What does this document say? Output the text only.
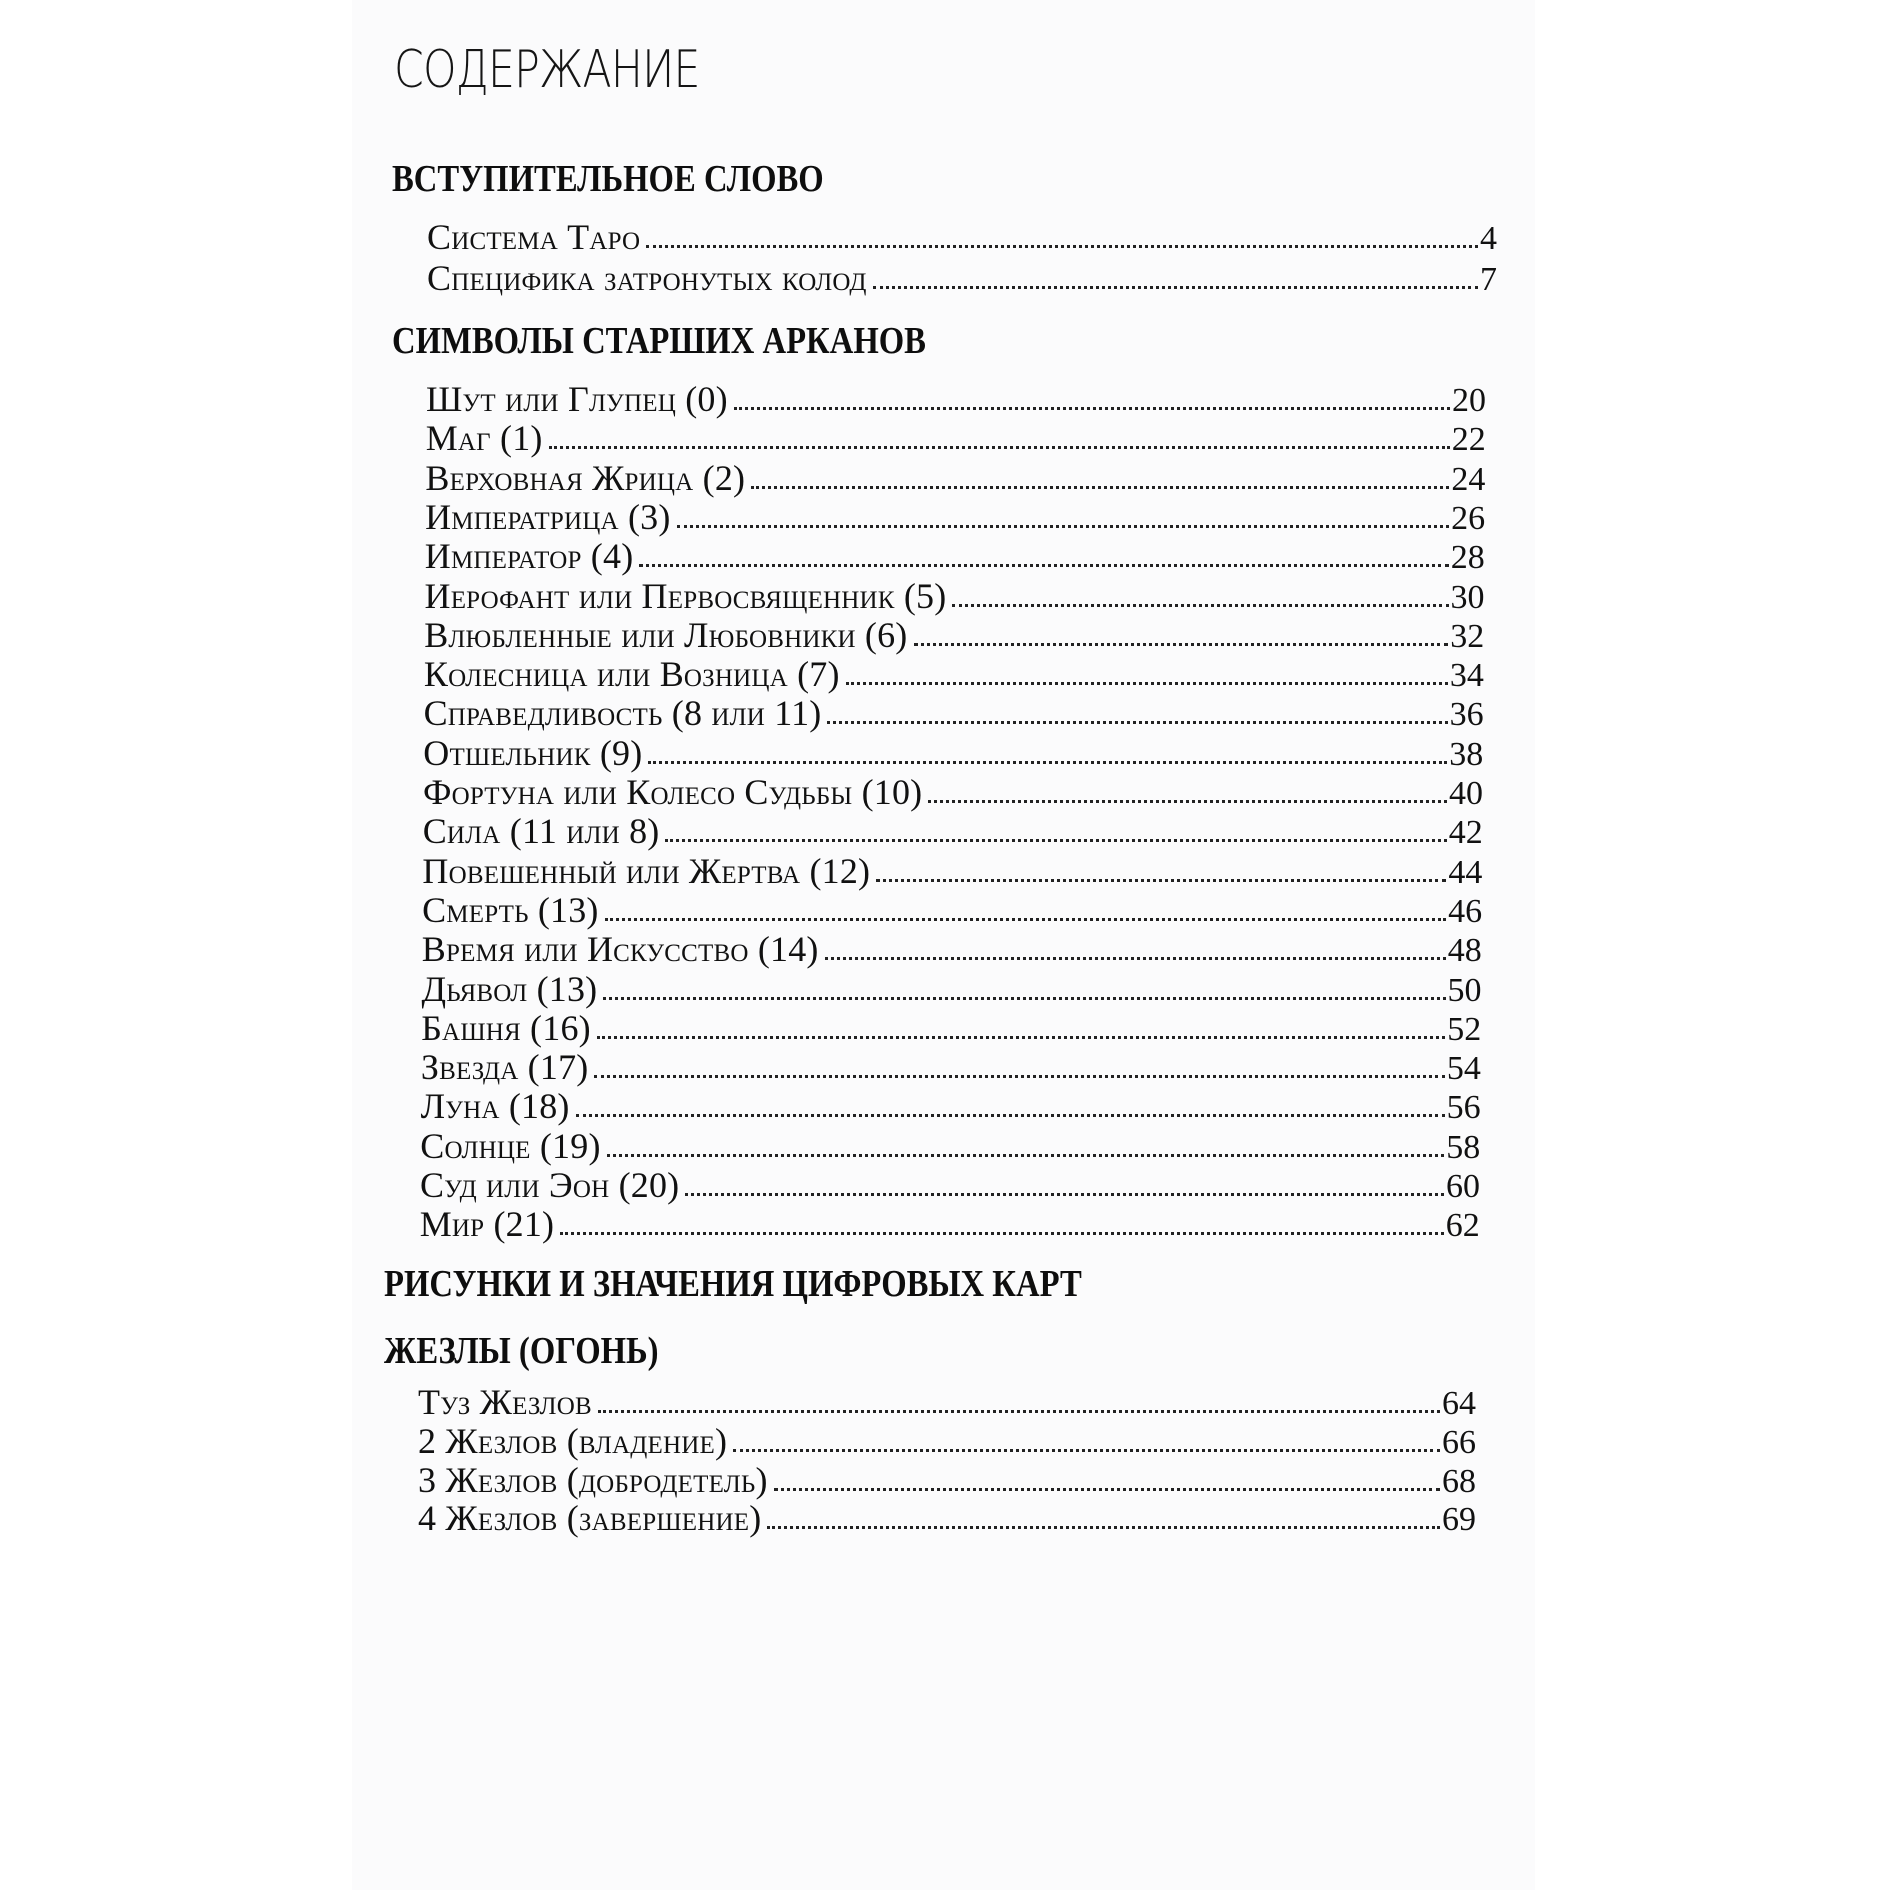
СОДЕРЖАНИЕ
ВСТУПИТЕЛЬНОЕ СЛОВО
Система Таро	4
Специфика затронутых колод	7
СИМВОЛЫ СТАРШИХ АРКАНОВ
Шут или Глупец (0)	20
Маг (1)	22
Верховная Жрица (2)	24
Императрица (3)	26
Император (4)	28
Иерофант или Первосвященник (5)	30
Влюбленные или Любовники (6)	32
Колесница или Возница (7)	34
Справедливость (8 или 11)	36
Отшельник (9)	38
Фортуна или Колесо Судьбы (10)	40
Сила (11 или 8)	42
Повешенный или Жертва (12)	44
Смерть (13)	46
Время или Искусство (14)	48
Дьявол (13)	50
Башня (16)	52
Звезда (17)	54
Луна (18)	56
Солнце (19)	58
Суд или Эон (20)	60
Мир (21)	62
РИСУНКИ И ЗНАЧЕНИЯ ЦИФРОВЫХ КАРТ
ЖЕЗЛЫ (ОГОНЬ)
Туз Жезлов	64
2 Жезлов (владение)	66
3 Жезлов (добродетель)	68
4 Жезлов (завершение)	69
